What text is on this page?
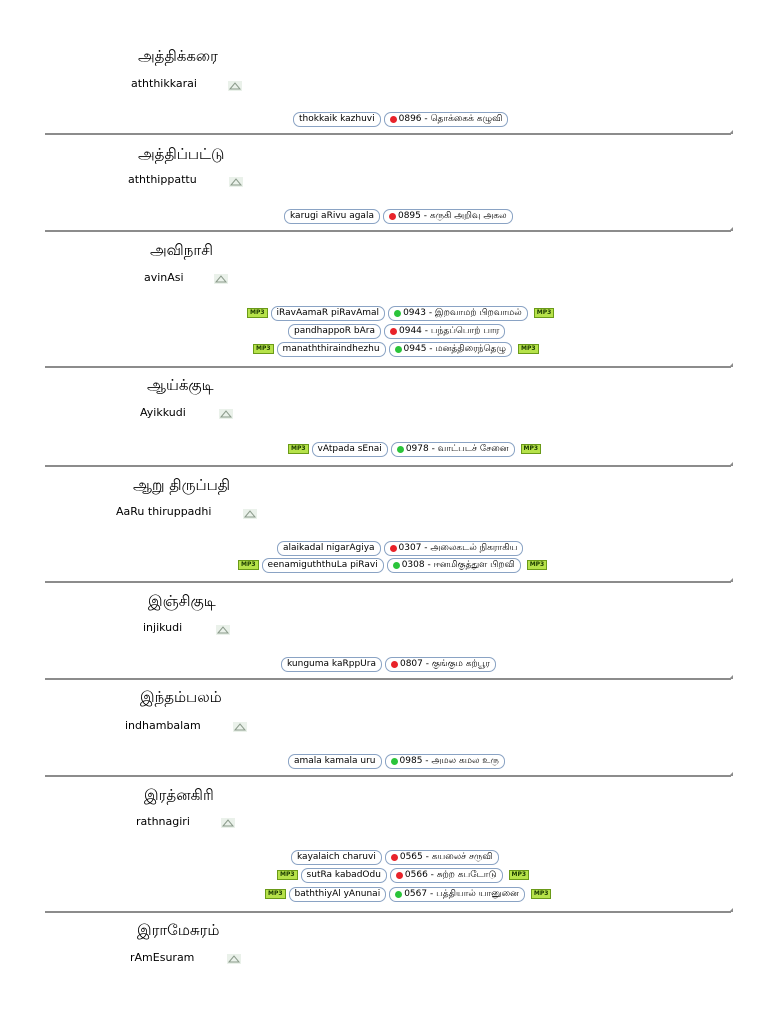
அத்திக்கரை
aththikkarai
thokkaik kazhuvi	0896 - தொக்கைக் கழுவி
அத்திப்பட்டு
aththippattu
karugi aRivu agala	0895 - கருகி அறிவு அகல
அவிநாசி
avinAsi
MP3	iRavAamaR piRavAmal	0943 - இறவாமற் பிறவாமல்	MP3
pandhappoR bAra	0944 - பந்தப்பொற் பார
MP3	manaththiraindhezhu	0945 - மனத்திரைந்தெழு	MP3
ஆய்க்குடி
Ayikkudi
MP3	vAtpada sEnai	0978 - வாட்படச் சேனை	MP3
ஆறு திருப்பதி
AaRu thiruppadhi
alaikadal nigarAgiya	0307 - அலைகடல் நிகராகிய
MP3	eenamiguththuLa piRavi	0308 - ஈனமிகுத்துள பிறவி	MP3
இஞ்சிகுடி
injikudi
kunguma kaRppUra	0807 - குங்கும கற்பூர
இந்தம்பலம்
indhambalam
amala kamala uru	0985 - அமல கமல உரு
இரத்னகிரி
rathnagiri
kayalaich charuvi	0565 - கயலைச் சருவி
MP3	sutRa kabadOdu	0566 - சுற்ற கபடோடு	MP3
MP3	baththiyAl yAnunai	0567 - பத்தியால் யானுனை	MP3
இராமேசுரம்
rAmEsuram
